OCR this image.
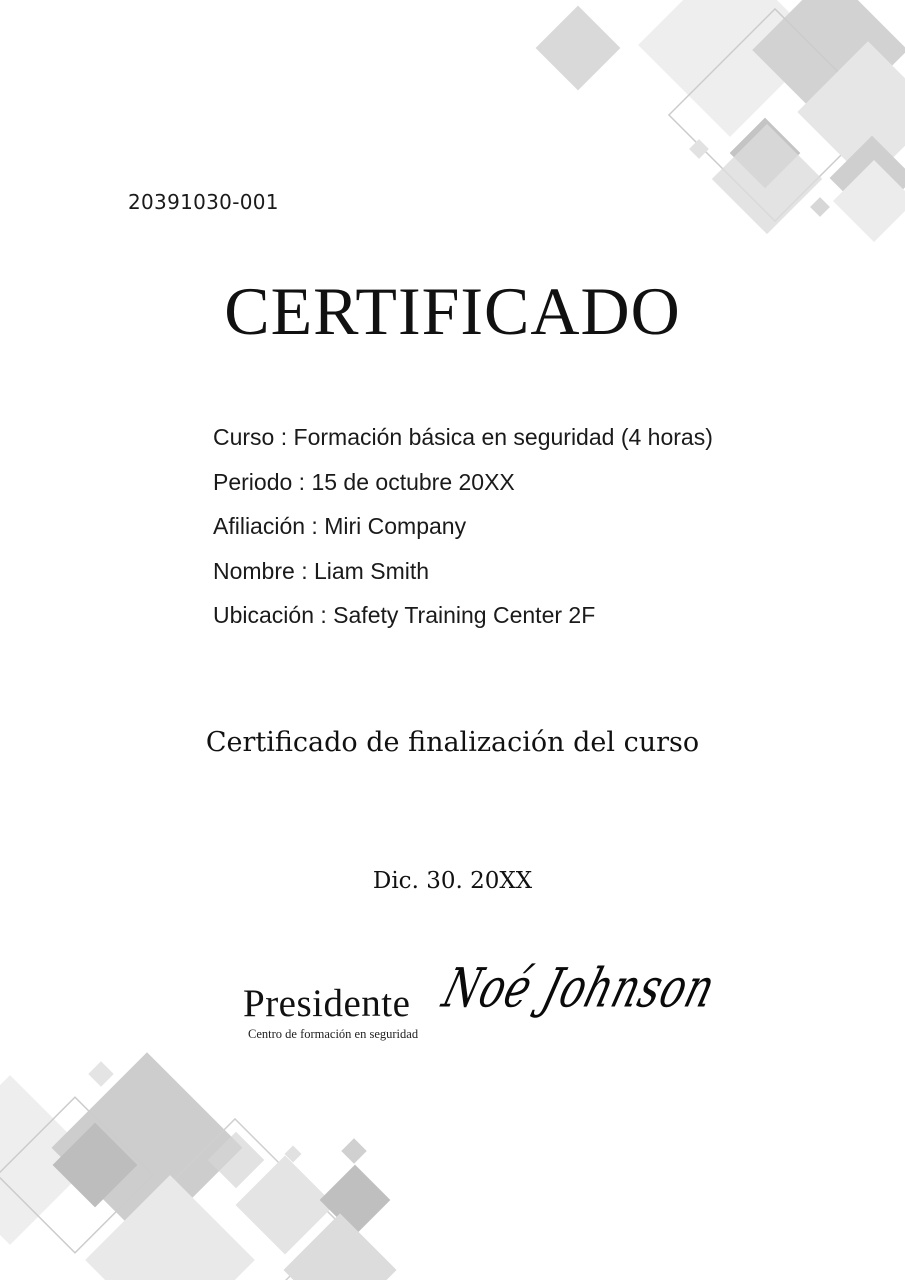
20391030-001
CERTIFICADO
Curso : Formación básica en seguridad (4 horas)
Periodo : 15 de octubre 20XX
Afiliación : Miri Company
Nombre : Liam Smith
Ubicación : Safety Training Center 2F
Certificado de finalización del curso
Dic. 30. 20XX
Presidente
Centro de formación en seguridad
Noé Johnson
